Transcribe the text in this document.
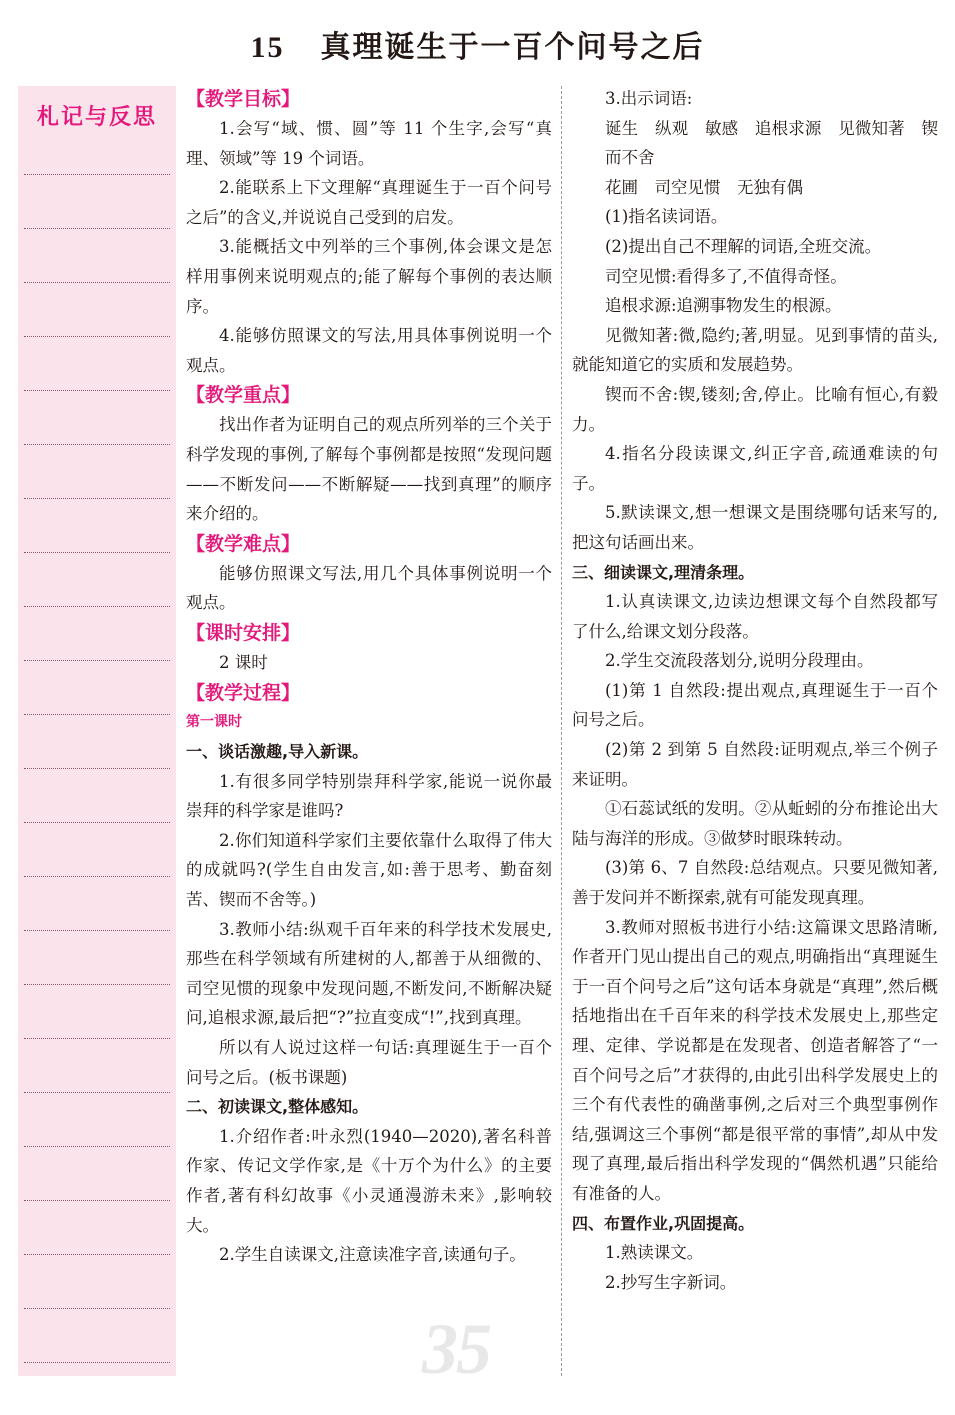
15 真理诞生于一百个问号之后
札记与反思
35

【教学目标】

1.会写“域、惯、圆”等 11 个生字,会写“真理、领域”等 19 个词语。

2.能联系上下文理解“真理诞生于一百个问号之后”的含义,并说说自己受到的启发。

3.能概括文中列举的三个事例,体会课文是怎样用事例来说明观点的;能了解每个事例的表达顺序。

4.能够仿照课文的写法,用具体事例说明一个观点。

【教学重点】

找出作者为证明自己的观点所列举的三个关于科学发现的事例,了解每个事例都是按照“发现问题——不断发问——不断解疑——找到真理”的顺序来介绍的。

【教学难点】

能够仿照课文写法,用几个具体事例说明一个观点。

【课时安排】

2 课时

【教学过程】

第一课时

一、谈话激趣,导入新课。

1.有很多同学特别崇拜科学家,能说一说你最崇拜的科学家是谁吗?

2.你们知道科学家们主要依靠什么取得了伟大的成就吗?(学生自由发言,如:善于思考、勤奋刻苦、锲而不舍等。)

3.教师小结:纵观千百年来的科学技术发展史,那些在科学领域有所建树的人,都善于从细微的、司空见惯的现象中发现问题,不断发问,不断解决疑问,追根求源,最后把“?”拉直变成“!”,找到真理。

所以有人说过这样一句话:真理诞生于一百个问号之后。(板书课题)

二、初读课文,整体感知。

1.介绍作者:叶永烈(1940—2020),著名科普作家、传记文学作家,是《十万个为什么》的主要作者,著有科幻故事《小灵通漫游未来》,影响较大。

2.学生自读课文,注意读准字音,读通句子。

3.出示词语:

诞生　纵观　敏感　追根求源　见微知著　锲而不舍

花圃　司空见惯　无独有偶

(1)指名读词语。

(2)提出自己不理解的词语,全班交流。

司空见惯:看得多了,不值得奇怪。

追根求源:追溯事物发生的根源。

见微知著:微,隐约;著,明显。见到事情的苗头,就能知道它的实质和发展趋势。

锲而不舍:锲,镂刻;舍,停止。比喻有恒心,有毅力。

4.指名分段读课文,纠正字音,疏通难读的句子。

5.默读课文,想一想课文是围绕哪句话来写的,把这句话画出来。

三、细读课文,理清条理。

1.认真读课文,边读边想课文每个自然段都写了什么,给课文划分段落。

2.学生交流段落划分,说明分段理由。

(1)第 1 自然段:提出观点,真理诞生于一百个问号之后。

(2)第 2 到第 5 自然段:证明观点,举三个例子来证明。

①石蕊试纸的发明。②从蚯蚓的分布推论出大陆与海洋的形成。③做梦时眼珠转动。

(3)第 6、7 自然段:总结观点。只要见微知著,善于发问并不断探索,就有可能发现真理。

3.教师对照板书进行小结:这篇课文思路清晰,作者开门见山提出自己的观点,明确指出“真理诞生于一百个问号之后”这句话本身就是“真理”,然后概括地指出在千百年来的科学技术发展史上,那些定理、定律、学说都是在发现者、创造者解答了“一百个问号之后”才获得的,由此引出科学发展史上的三个有代表性的确凿事例,之后对三个典型事例作结,强调这三个事例“都是很平常的事情”,却从中发现了真理,最后指出科学发现的“偶然机遇”只能给有准备的人。

四、布置作业,巩固提高。

1.熟读课文。

2.抄写生字新词。
